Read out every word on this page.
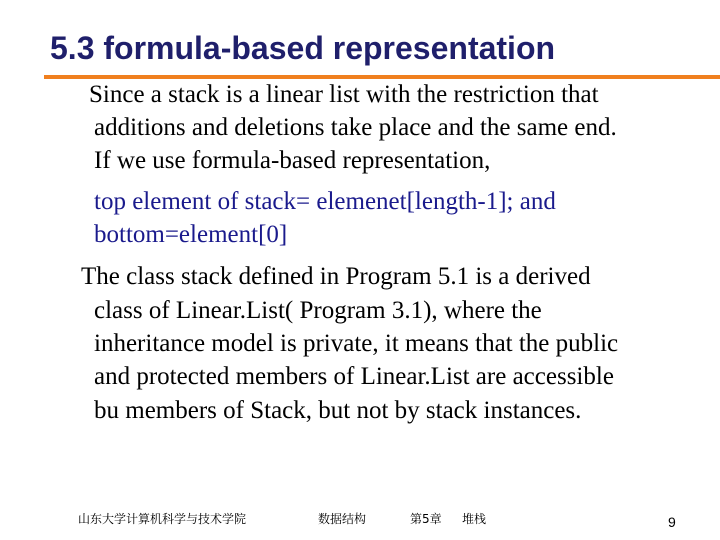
5.3 formula-based representation
Since a stack is a linear list with the restriction that
additions and deletions take place and the same end.
If we use formula-based representation,
top element of stack= elemenet[length-1]; and
bottom=element[0]
The class stack defined in Program 5.1 is a derived
class of Linear.List( Program 3.1), where the
inheritance model is private, it means that the public
and protected members of Linear.List are accessible
bu members of Stack, but not by stack instances.
山东大学计算机科学与技术学院	数据结构	第5章 堆栈	9
